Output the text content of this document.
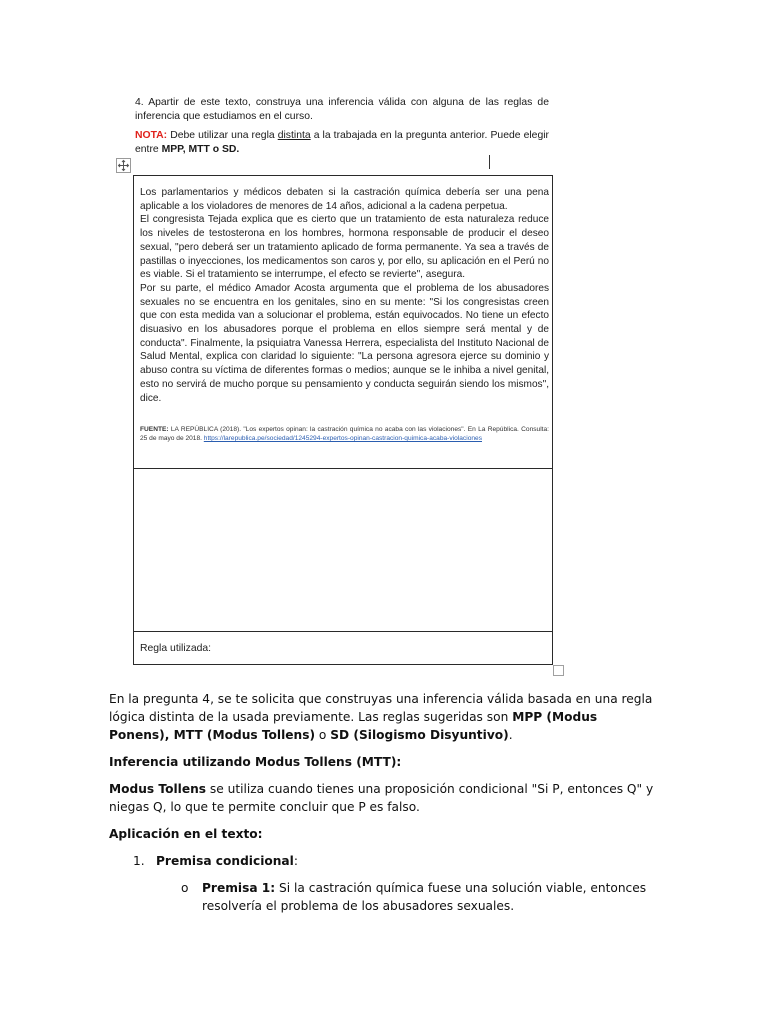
4. Apartir de este texto, construya una inferencia válida con alguna de las reglas de inferencia que estudiamos en el curso.
NOTA: Debe utilizar una regla distinta a la trabajada en la pregunta anterior. Puede elegir entre MPP, MTT o SD.

Los parlamentarios y médicos debaten si la castración química debería ser una pena aplicable a los violadores de menores de 14 años, adicional a la cadena perpetua.

El congresista Tejada explica que es cierto que un tratamiento de esta naturaleza reduce los niveles de testosterona en los hombres, hormona responsable de producir el deseo sexual, "pero deberá ser un tratamiento aplicado de forma permanente. Ya sea a través de pastillas o inyecciones, los medicamentos son caros y, por ello, su aplicación en el Perú no es viable. Si el tratamiento se interrumpe, el efecto se revierte", asegura.

Por su parte, el médico Amador Acosta argumenta que el problema de los abusadores sexuales no se encuentra en los genitales, sino en su mente: "Si los congresistas creen que con esta medida van a solucionar el problema, están equivocados. No tiene un efecto disuasivo en los abusadores porque el problema en ellos siempre será mental y de conducta". Finalmente, la psiquiatra Vanessa Herrera, especialista del Instituto Nacional de Salud Mental, explica con claridad lo siguiente: "La persona agresora ejerce su dominio y abuso contra su víctima de diferentes formas o medios; aunque se le inhiba a nivel genital, esto no servirá de mucho porque su pensamiento y conducta seguirán siendo los mismos", dice.

FUENTE: LA REPÚBLICA (2018). "Los expertos opinan: la castración química no acaba con las violaciones". En La República. Consulta: 25 de mayo de 2018. https://larepublica.pe/sociedad/1245294-expertos-opinan-castracion-quimica-acaba-violaciones
Regla utilizada:

En la pregunta 4, se te solicita que construyas una inferencia válida basada en una regla lógica distinta de la usada previamente. Las reglas sugeridas son MPP (Modus Ponens), MTT (Modus Tollens) o SD (Silogismo Disyuntivo).

Inferencia utilizando Modus Tollens (MTT):

Modus Tollens se utiliza cuando tienes una proposición condicional "Si P, entonces Q" y niegas Q, lo que te permite concluir que P es falso.

Aplicación en el texto:

1. Premisa condicional:
o Premisa 1: Si la castración química fuese una solución viable, entonces resolvería el problema de los abusadores sexuales.
